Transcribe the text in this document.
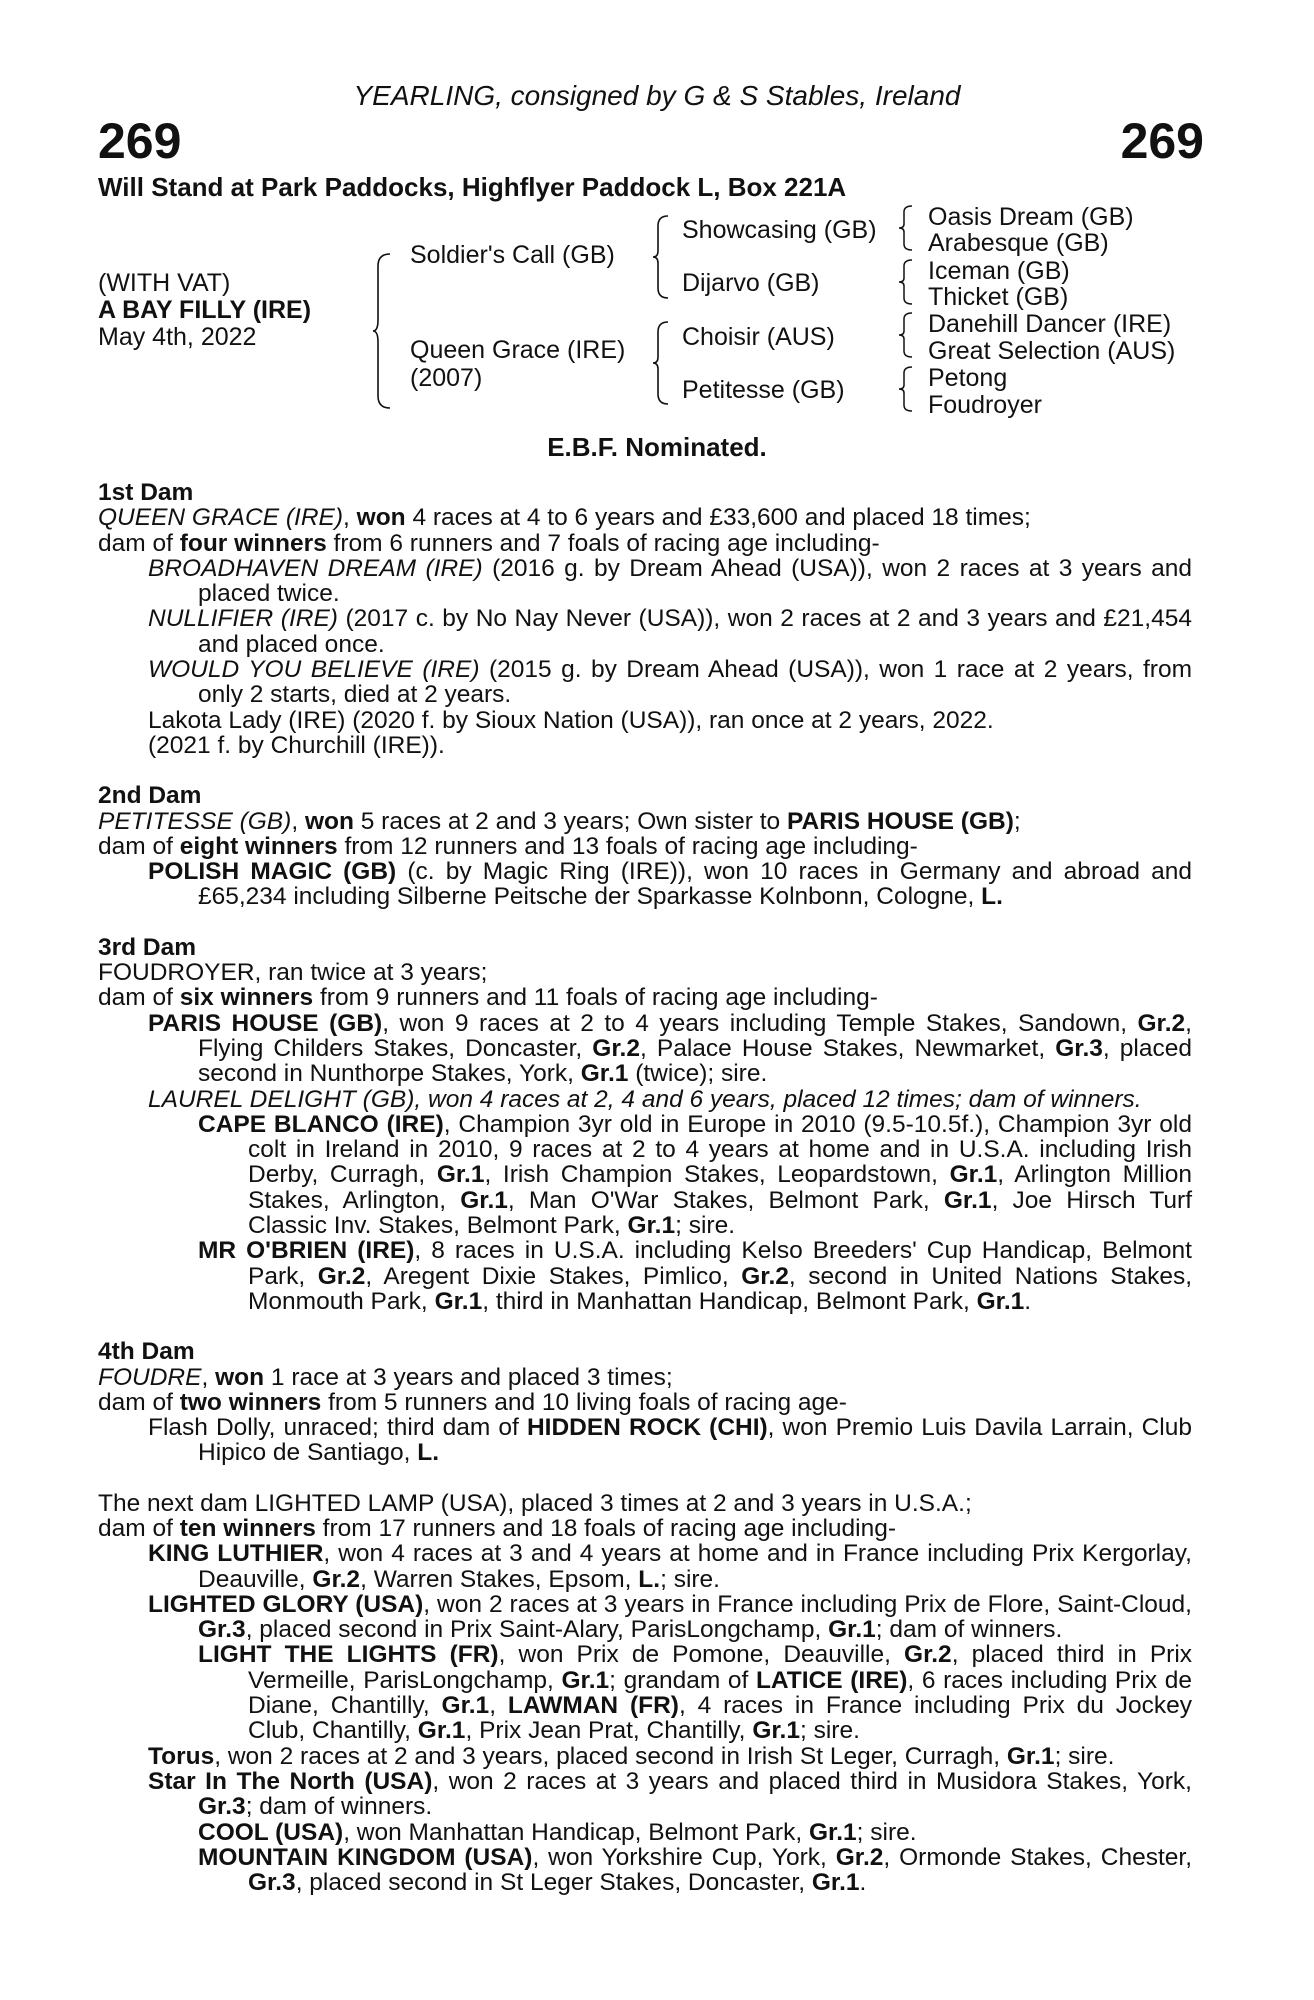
YEARLING, consigned by G & S Stables, Ireland
269	269
Will Stand at Park Paddocks, Highflyer Paddock L, Box 221A
(WITH VAT)
A BAY FILLY (IRE)
May 4th, 2022
Soldier's Call (GB)
Queen Grace (IRE)
(2007)
Showcasing (GB)
Dijarvo (GB)
Choisir (AUS)
Petitesse (GB)
Oasis Dream (GB)
Arabesque (GB)
Iceman (GB)
Thicket (GB)
Danehill Dancer (IRE)
Great Selection (AUS)
Petong
Foudroyer
E.B.F. Nominated.
1st Dam

QUEEN GRACE (IRE), won 4 races at 4 to 6 years and £33,600 and placed 18 times;

dam of four winners from 6 runners and 7 foals of racing age including-

BROADHAVEN DREAM (IRE) (2016 g. by Dream Ahead (USA)), won 2 races at 3 years and placed twice.

NULLIFIER (IRE) (2017 c. by No Nay Never (USA)), won 2 races at 2 and 3 years and £21,454 and placed once.

WOULD YOU BELIEVE (IRE) (2015 g. by Dream Ahead (USA)), won 1 race at 2 years, from only 2 starts, died at 2 years.

Lakota Lady (IRE) (2020 f. by Sioux Nation (USA)), ran once at 2 years, 2022.

(2021 f. by Churchill (IRE)).

2nd Dam

PETITESSE (GB), won 5 races at 2 and 3 years; Own sister to PARIS HOUSE (GB);

dam of eight winners from 12 runners and 13 foals of racing age including-

POLISH MAGIC (GB) (c. by Magic Ring (IRE)), won 10 races in Germany and abroad and £65,234 including Silberne Peitsche der Sparkasse Kolnbonn, Cologne, L.

3rd Dam

FOUDROYER, ran twice at 3 years;

dam of six winners from 9 runners and 11 foals of racing age including-

PARIS HOUSE (GB), won 9 races at 2 to 4 years including Temple Stakes, Sandown, Gr.2, Flying Childers Stakes, Doncaster, Gr.2, Palace House Stakes, Newmarket, Gr.3, placed second in Nunthorpe Stakes, York, Gr.1 (twice); sire.

LAUREL DELIGHT (GB), won 4 races at 2, 4 and 6 years, placed 12 times; dam of winners.

CAPE BLANCO (IRE), Champion 3yr old in Europe in 2010 (9.5-10.5f.), Champion 3yr old colt in Ireland in 2010, 9 races at 2 to 4 years at home and in U.S.A. including Irish Derby, Curragh, Gr.1, Irish Champion Stakes, Leopardstown, Gr.1, Arlington Million Stakes, Arlington, Gr.1, Man O'War Stakes, Belmont Park, Gr.1, Joe Hirsch Turf Classic Inv. Stakes, Belmont Park, Gr.1; sire.

MR O'BRIEN (IRE), 8 races in U.S.A. including Kelso Breeders' Cup Handicap, Belmont Park, Gr.2, Aregent Dixie Stakes, Pimlico, Gr.2, second in United Nations Stakes, Monmouth Park, Gr.1, third in Manhattan Handicap, Belmont Park, Gr.1.

4th Dam

FOUDRE, won 1 race at 3 years and placed 3 times;

dam of two winners from 5 runners and 10 living foals of racing age-

Flash Dolly, unraced; third dam of HIDDEN ROCK (CHI), won Premio Luis Davila Larrain, Club Hipico de Santiago, L.

The next dam LIGHTED LAMP (USA), placed 3 times at 2 and 3 years in U.S.A.;

dam of ten winners from 17 runners and 18 foals of racing age including-

KING LUTHIER, won 4 races at 3 and 4 years at home and in France including Prix Kergorlay, Deauville, Gr.2, Warren Stakes, Epsom, L.; sire.

LIGHTED GLORY (USA), won 2 races at 3 years in France including Prix de Flore, Saint-Cloud, Gr.3, placed second in Prix Saint-Alary, ParisLongchamp, Gr.1; dam of winners.

LIGHT THE LIGHTS (FR), won Prix de Pomone, Deauville, Gr.2, placed third in Prix Vermeille, ParisLongchamp, Gr.1; grandam of LATICE (IRE), 6 races including Prix de Diane, Chantilly, Gr.1, LAWMAN (FR), 4 races in France including Prix du Jockey Club, Chantilly, Gr.1, Prix Jean Prat, Chantilly, Gr.1; sire.

Torus, won 2 races at 2 and 3 years, placed second in Irish St Leger, Curragh, Gr.1; sire.

Star In The North (USA), won 2 races at 3 years and placed third in Musidora Stakes, York, Gr.3; dam of winners.

COOL (USA), won Manhattan Handicap, Belmont Park, Gr.1; sire.

MOUNTAIN KINGDOM (USA), won Yorkshire Cup, York, Gr.2, Ormonde Stakes, Chester, Gr.3, placed second in St Leger Stakes, Doncaster, Gr.1.
